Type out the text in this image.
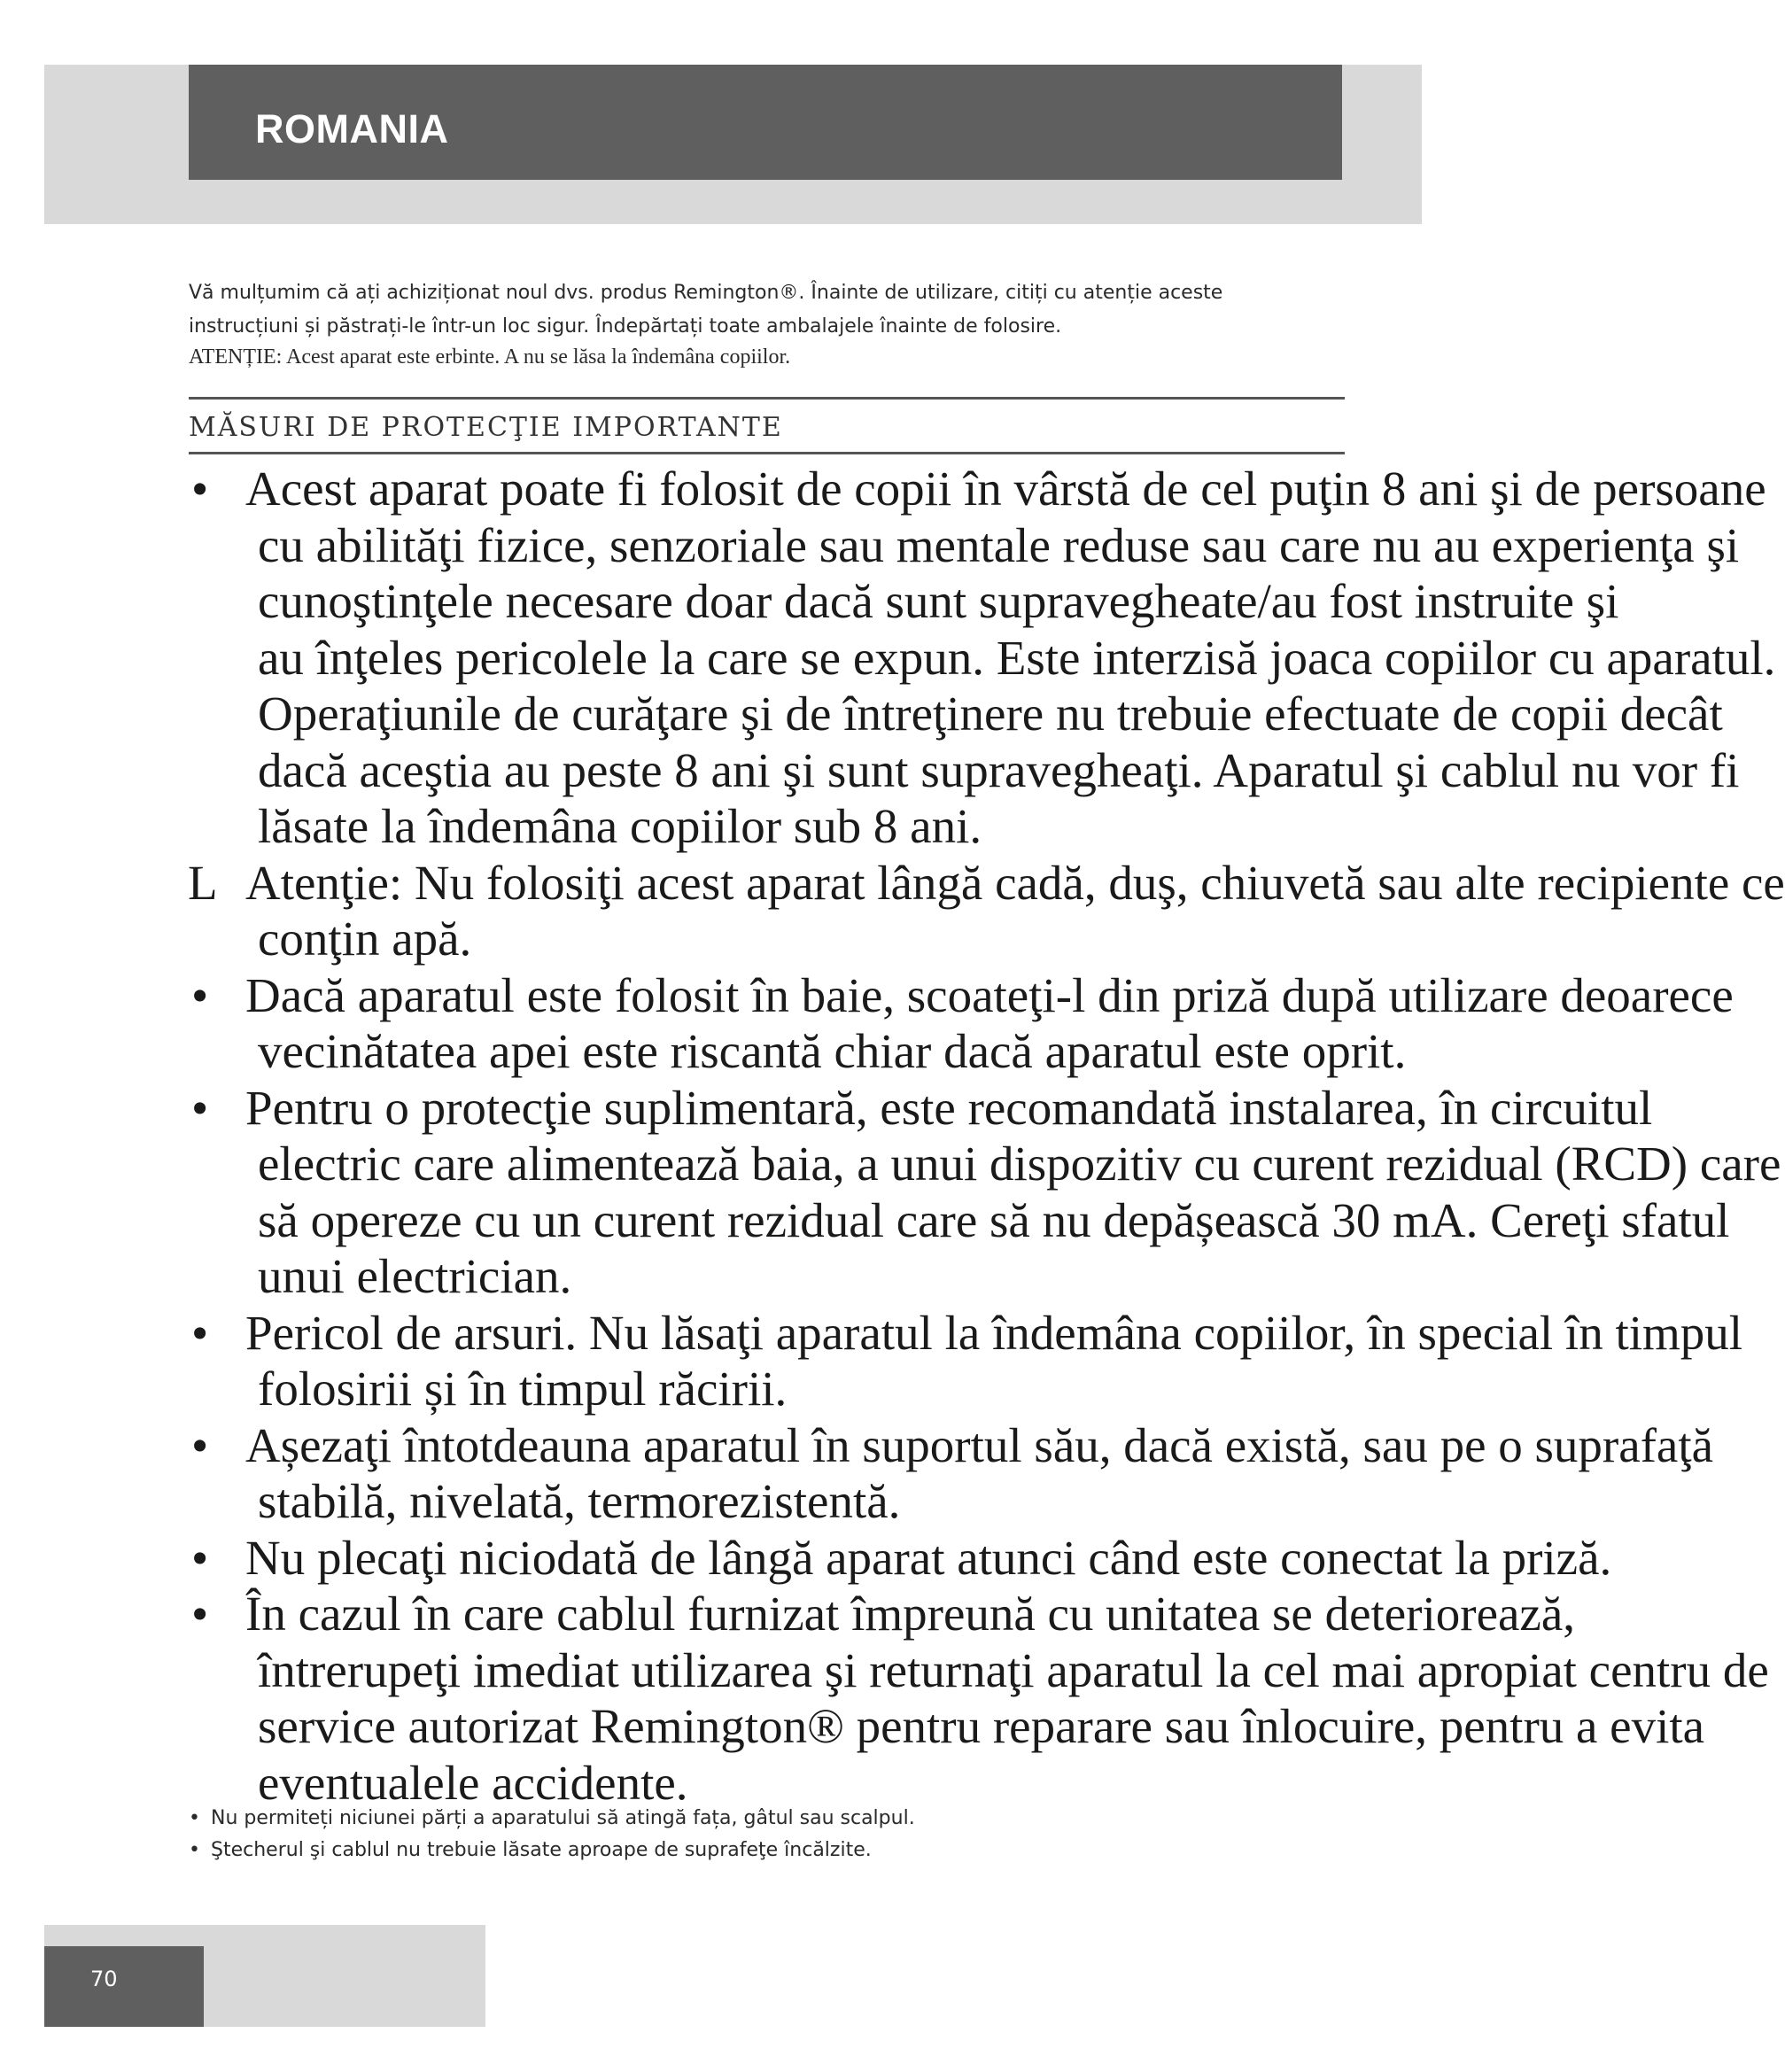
ROMANIA
Vă mulțumim că ați achiziționat noul dvs. produs Remington®. Înainte de utilizare, citiți cu atenție aceste
instrucțiuni și păstrați-le într-un loc sigur. Îndepărtați toate ambalajele înainte de folosire.
ATENȚIE: Acest aparat este erbinte. A nu se lăsa la îndemâna copiilor.
MĂSURI DE PROTECŢIE IMPORTANTE
• Acest aparat poate fi folosit de copii în vârstă de cel puţin 8 ani şi de persoane
cu abilităţi fizice, senzoriale sau mentale reduse sau care nu au experienţa şi
cunoştinţele necesare doar dacă sunt supravegheate/au fost instruite şi
au înţeles pericolele la care se expun. Este interzisă joaca copiilor cu aparatul.
Operaţiunile de curăţare şi de întreţinere nu trebuie efectuate de copii decât
dacă aceştia au peste 8 ani şi sunt supravegheaţi. Aparatul şi cablul nu vor fi
lăsate la îndemâna copiilor sub 8 ani.
L Atenţie: Nu folosiţi acest aparat lângă cadă, duş, chiuvetă sau alte recipiente ce
conţin apă.
• Dacă aparatul este folosit în baie, scoateţi-l din priză după utilizare deoarece
vecinătatea apei este riscantă chiar dacă aparatul este oprit.
• Pentru o protecţie suplimentară, este recomandată instalarea, în circuitul
electric care alimentează baia, a unui dispozitiv cu curent rezidual (RCD) care
să opereze cu un curent rezidual care să nu depășească 30 mA. Cereţi sfatul
unui electrician.
• Pericol de arsuri. Nu lăsaţi aparatul la îndemâna copiilor, în special în timpul
folosirii și în timpul răcirii.
• Așezaţi întotdeauna aparatul în suportul său, dacă există, sau pe o suprafaţă
stabilă, nivelată, termorezistentă.
• Nu plecaţi niciodată de lângă aparat atunci când este conectat la priză.
• În cazul în care cablul furnizat împreună cu unitatea se deteriorează,
întrerupeţi imediat utilizarea şi returnaţi aparatul la cel mai apropiat centru de
service autorizat Remington® pentru reparare sau înlocuire, pentru a evita
eventualele accidente.
• Nu permiteți niciunei părți a aparatului să atingă fața, gâtul sau scalpul.
• Ştecherul şi cablul nu trebuie lăsate aproape de suprafeţe încălzite.
70
